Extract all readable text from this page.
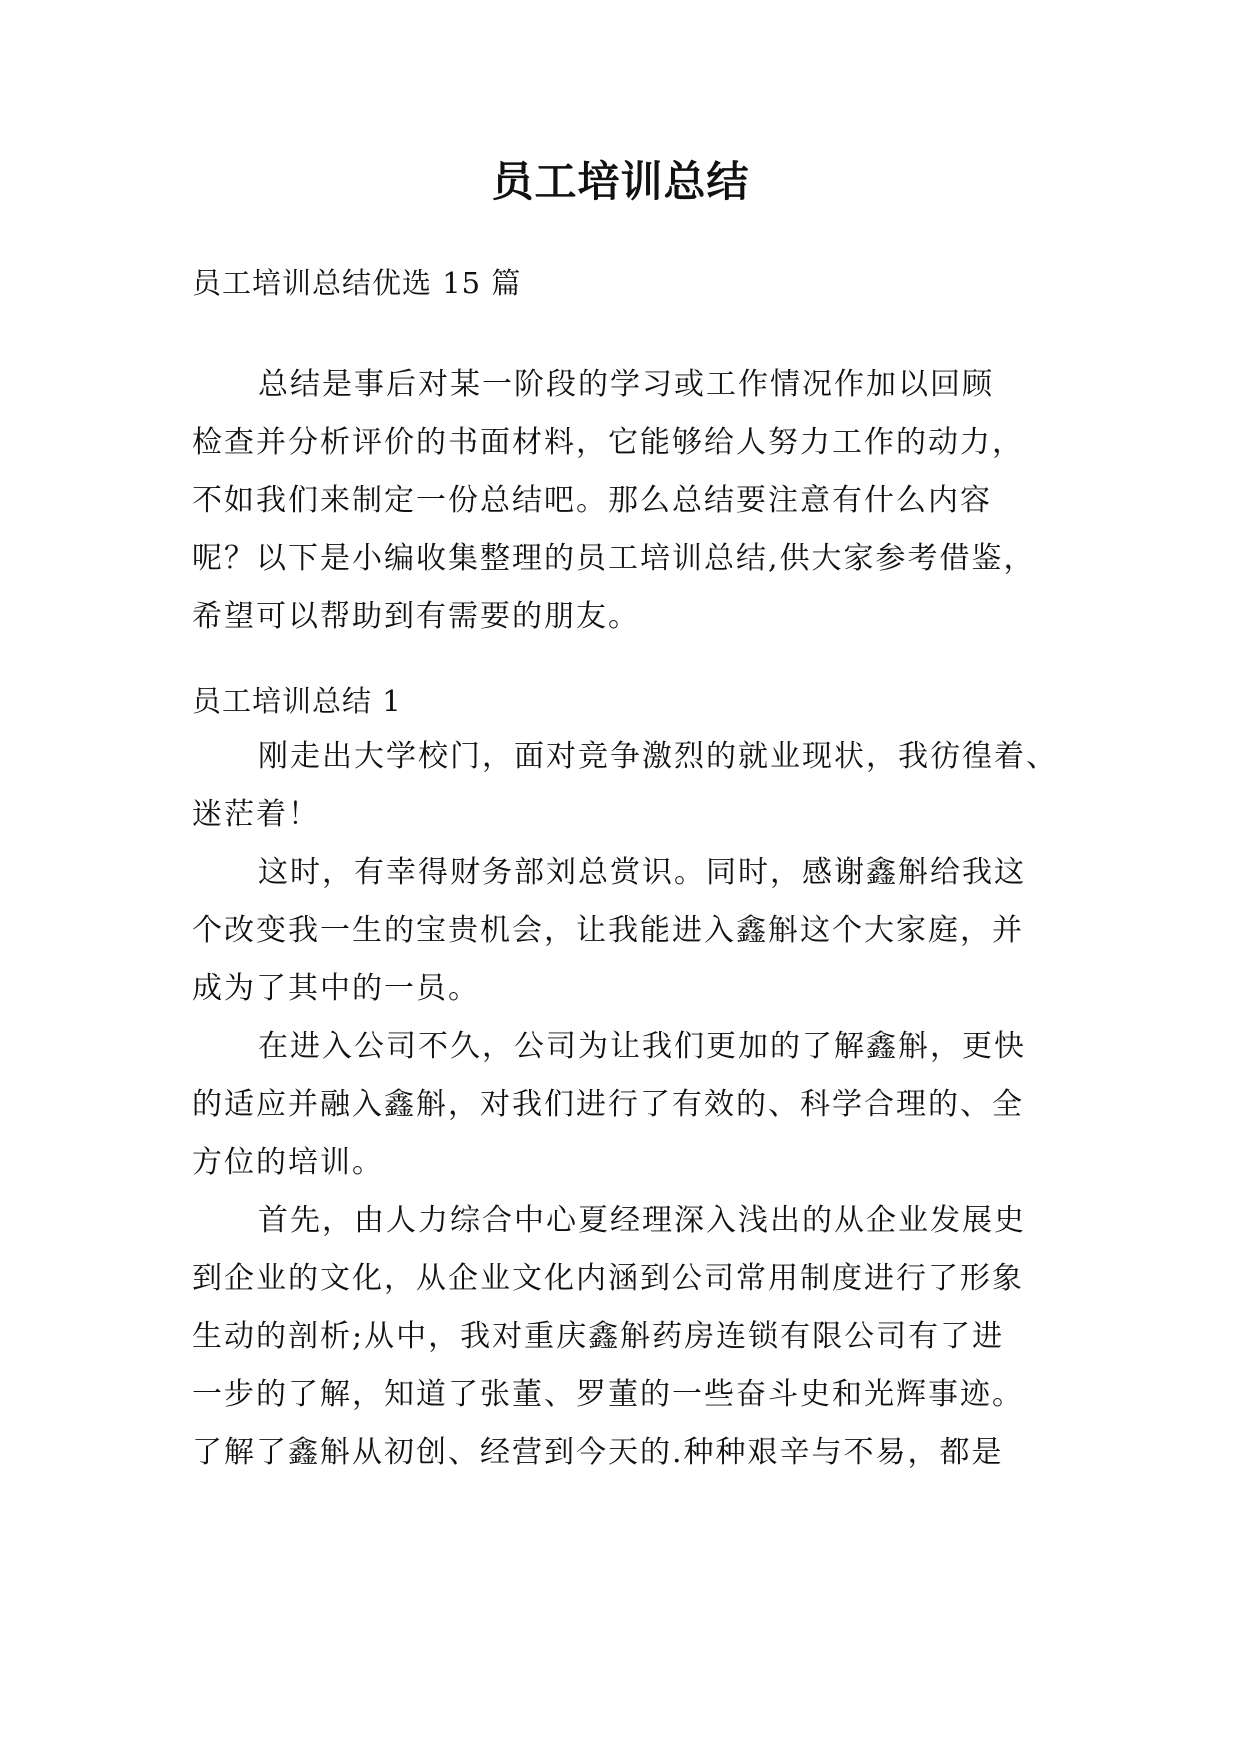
员工培训总结
员工培训总结优选 15 篇
总结是事后对某一阶段的学习或工作情况作加以回顾
检查并分析评价的书面材料，它能够给人努力工作的动力，
不如我们来制定一份总结吧。那么总结要注意有什么内容
呢？以下是小编收集整理的员工培训总结,供大家参考借鉴，
希望可以帮助到有需要的朋友。
员工培训总结 1
刚走出大学校门，面对竞争激烈的就业现状，我彷徨着、
迷茫着！
这时，有幸得财务部刘总赏识。同时，感谢鑫斛给我这
个改变我一生的宝贵机会，让我能进入鑫斛这个大家庭，并
成为了其中的一员。
在进入公司不久，公司为让我们更加的了解鑫斛，更快
的适应并融入鑫斛，对我们进行了有效的、科学合理的、全
方位的培训。
首先，由人力综合中心夏经理深入浅出的从企业发展史
到企业的文化，从企业文化内涵到公司常用制度进行了形象
生动的剖析;从中，我对重庆鑫斛药房连锁有限公司有了进
一步的了解，知道了张董、罗董的一些奋斗史和光辉事迹。
了解了鑫斛从初创、经营到今天的.种种艰辛与不易，都是
